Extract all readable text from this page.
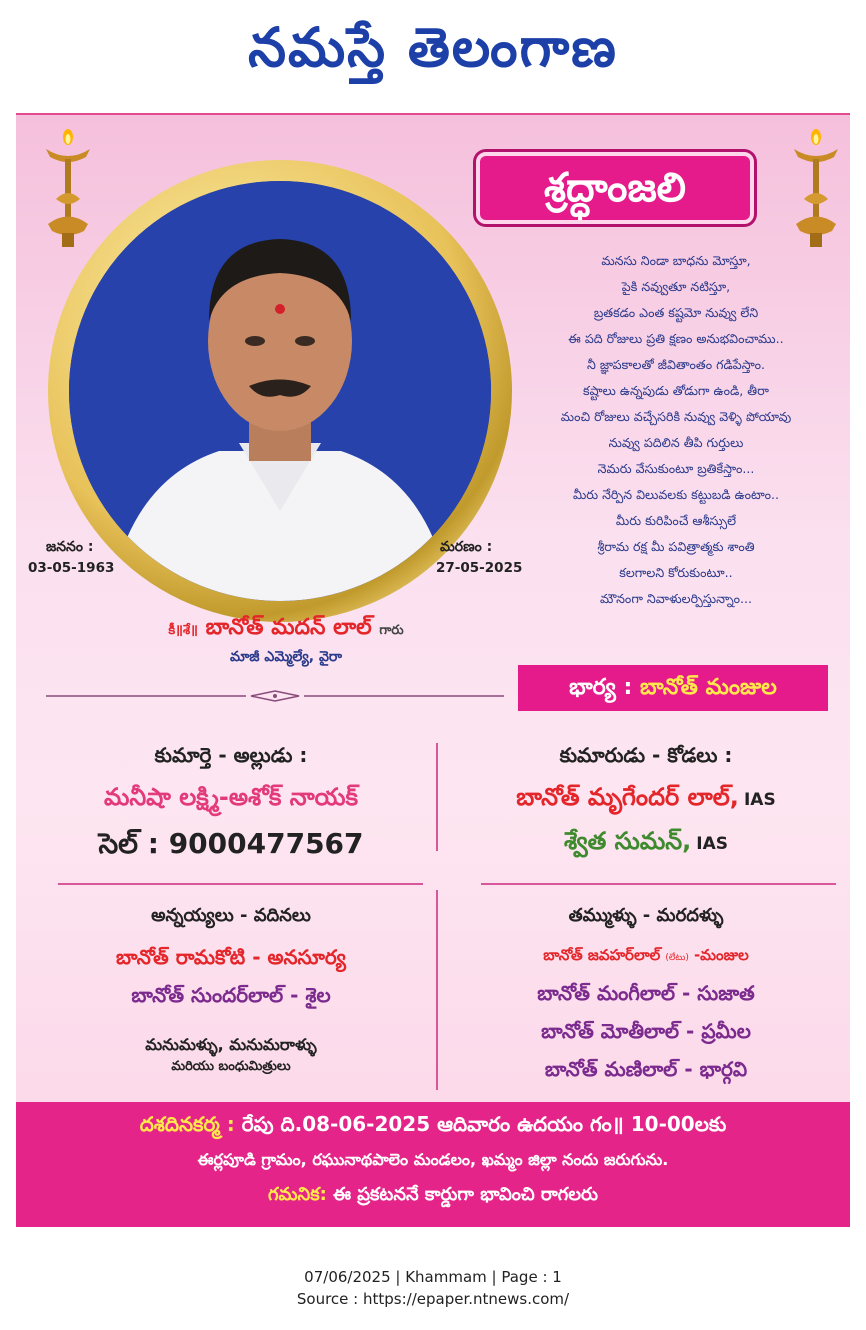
నమస్తే తెలంగాణ
శ్రద్ధాంజలి
మనసు నిండా బాధను మోస్తూ,
పైకి నవ్వుతూ నటిస్తూ,
బ్రతకడం ఎంత కష్టమో నువ్వు లేని
ఈ పది రోజులు ప్రతి క్షణం అనుభవించాము..
నీ జ్ఞాపకాలతో జీవితాంతం గడిపేస్తాం.
కష్టాలు ఉన్నపుడు తోడుగా ఉండి, తీరా
మంచి రోజులు వచ్చేసరికి నువ్వు వెళ్ళి పోయావు
నువ్వు పదిలిన తీపి గుర్తులు
నెమరు వేసుకుంటూ బ్రతికేస్తాం...
మీరు నేర్పిన విలువలకు కట్టుబడి ఉంటాం..
మీరు కురిపించే ఆశీస్సులే
శ్రీరామ రక్ష మీ పవిత్రాత్మకు శాంతి
కలగాలని కోరుకుంటూ..
మౌనంగా నివాళులర్పిస్తున్నాం...
జననం :
03-05-1963
మరణం :
27-05-2025
కీ॥శే॥ బానోత్ మదన్ లాల్ గారు
మాజీ ఎమ్మెల్యే, వైరా
భార్య : బానోత్ మంజుల
కుమార్తె - అల్లుడు :
మనీషా లక్ష్మి-అశోక్ నాయక్
సెల్ : 9000477567
కుమారుడు - కోడలు :
బానోత్ మృగేందర్ లాల్, IAS
శ్వేత సుమన్, IAS
అన్నయ్యలు - వదినలు
బానోత్ రామకోటి - అనసూర్య
బానోత్ సుందర్‌లాల్ - శైల
మనుమళ్ళు, మనుమరాళ్ళు
మరియు బంధుమిత్రులు
తమ్ముళ్ళు - మరదళ్ళు
బానోత్ జవహర్‌లాల్ (లేటు) -మంజుల
బానోత్ మంగీలాల్ - సుజాత
బానోత్ మోతీలాల్ - ప్రమీల
బానోత్ మణిలాల్ - భార్గవి
దశదినకర్మ : రేపు ది.08-06-2025 ఆదివారం ఉదయం గం॥ 10-00లకు
ఈర్లపూడి గ్రామం, రఘునాథపాలెం మండలం, ఖమ్మం జిల్లా నందు జరుగును.
గమనిక: ఈ ప్రకటననే కార్డుగా భావించి రాగలరు
07/06/2025 | Khammam | Page : 1
Source : https://epaper.ntnews.com/
